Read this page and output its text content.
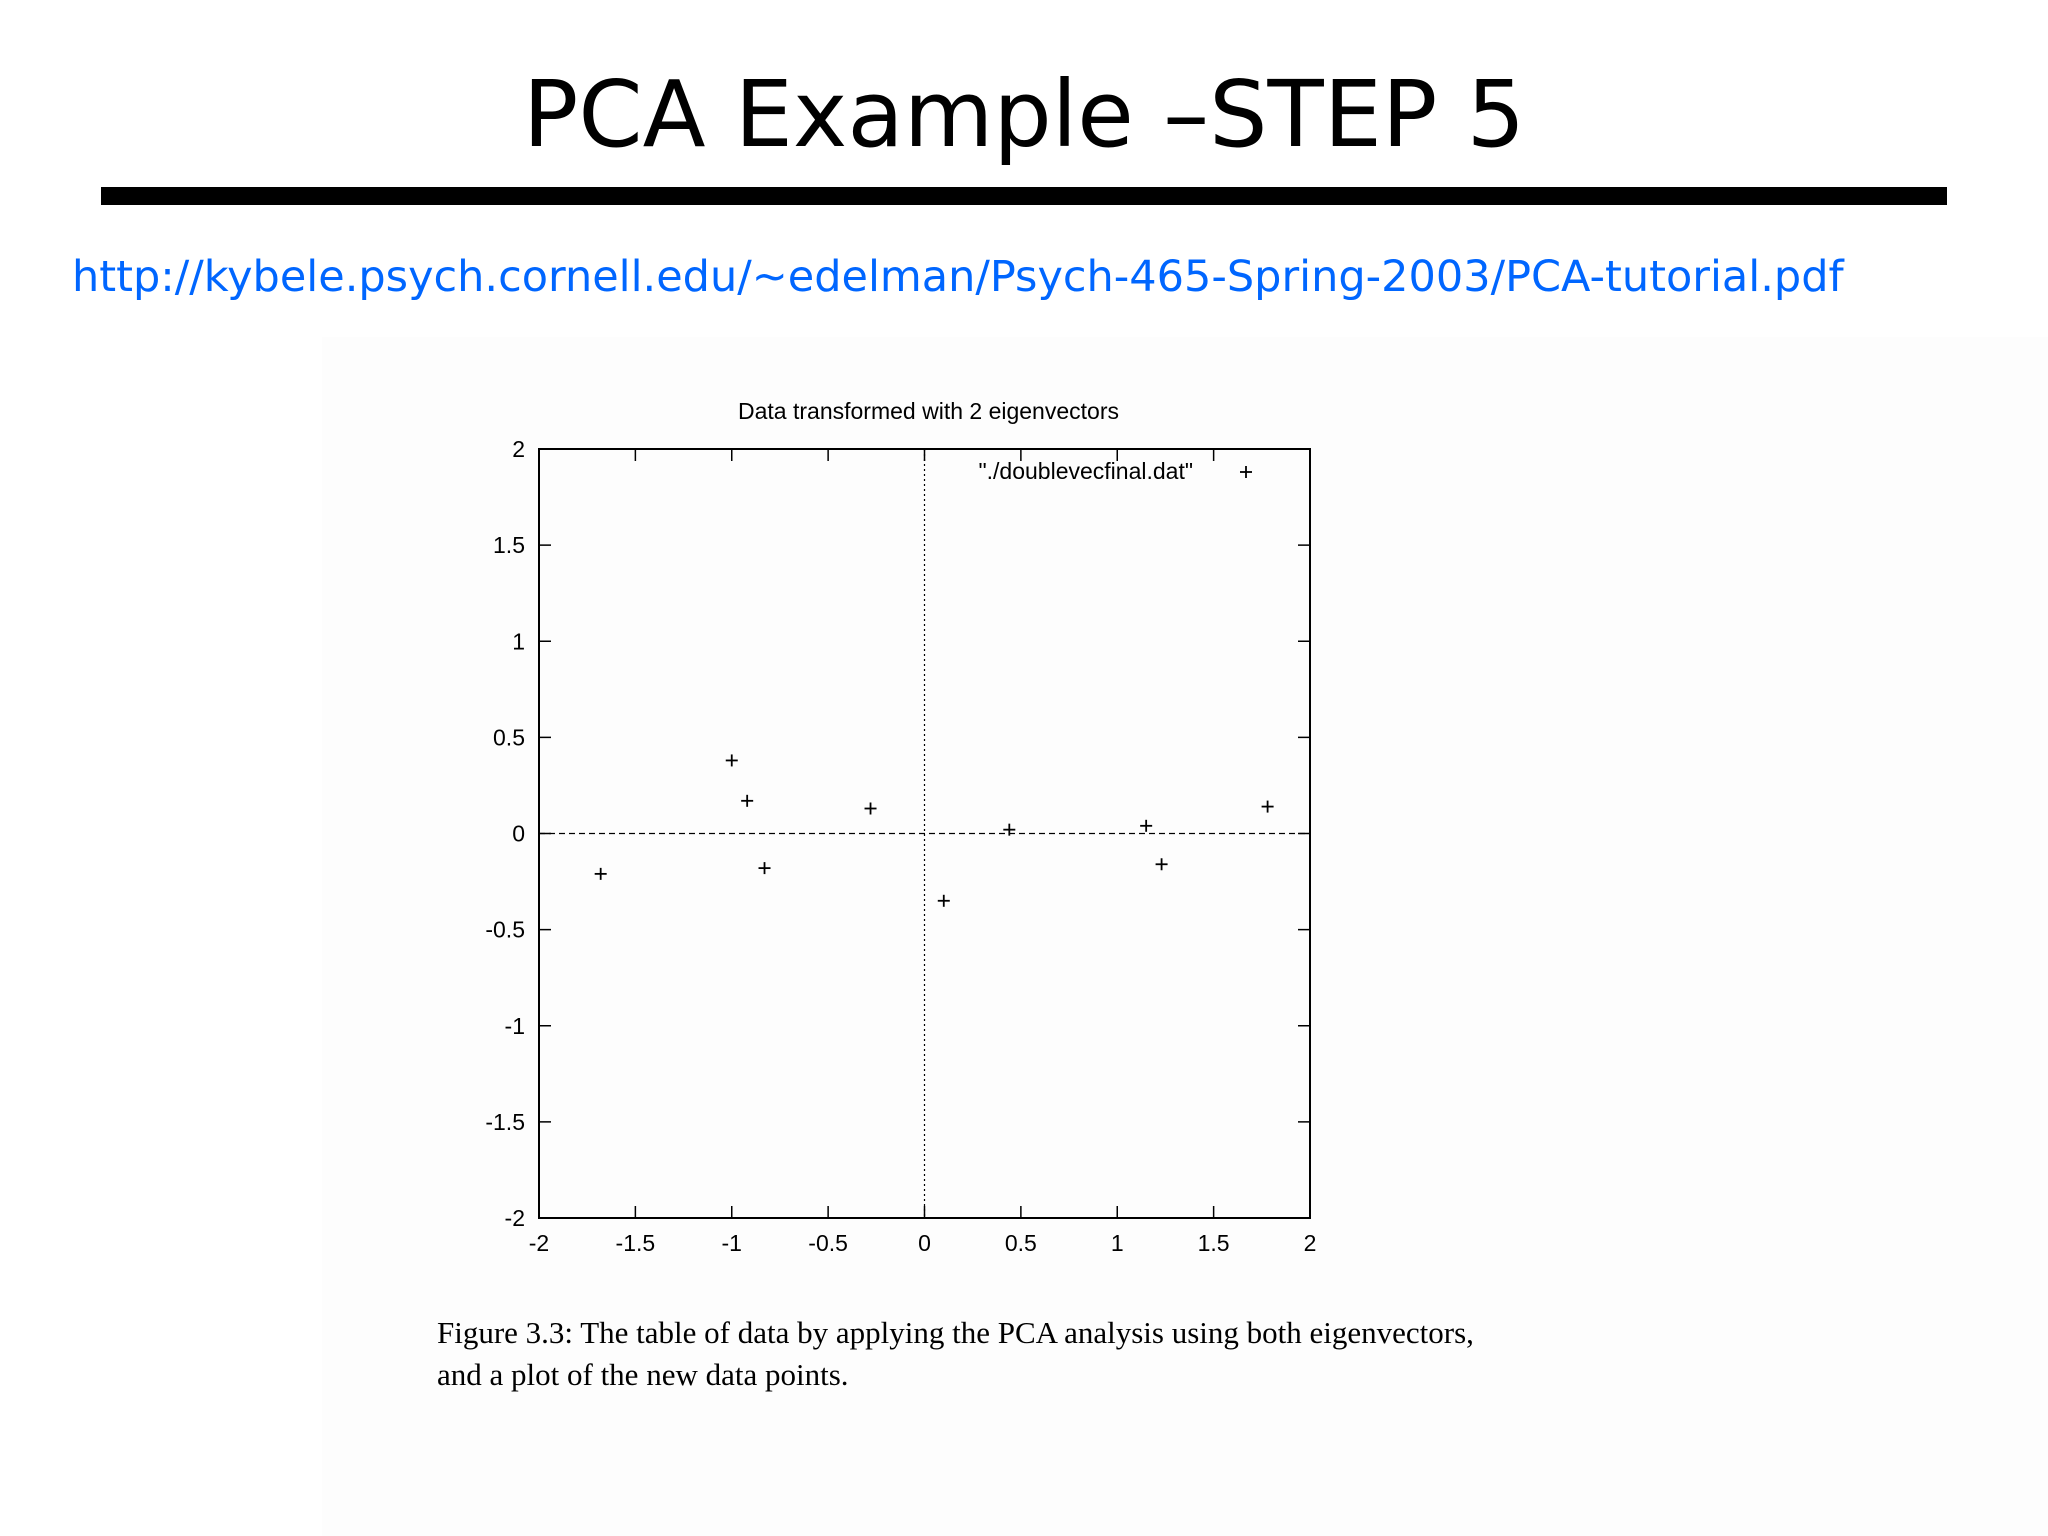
PCA Example –STEP 5
http://kybele.psych.cornell.edu/~edelman/Psych-465-Spring-2003/PCA-tutorial.pdf
Data transformed with 2 eigenvectors
-2	-1.5	-1	-0.5	0	0.5	1	1.5	2
-2
-1.5
-1
-0.5
0
0.5
1
1.5
2
"./doublevecfinal.dat"

Figure 3.3: The table of data by applying the PCA analysis using both eigenvectors,

and a plot of the new data points.
